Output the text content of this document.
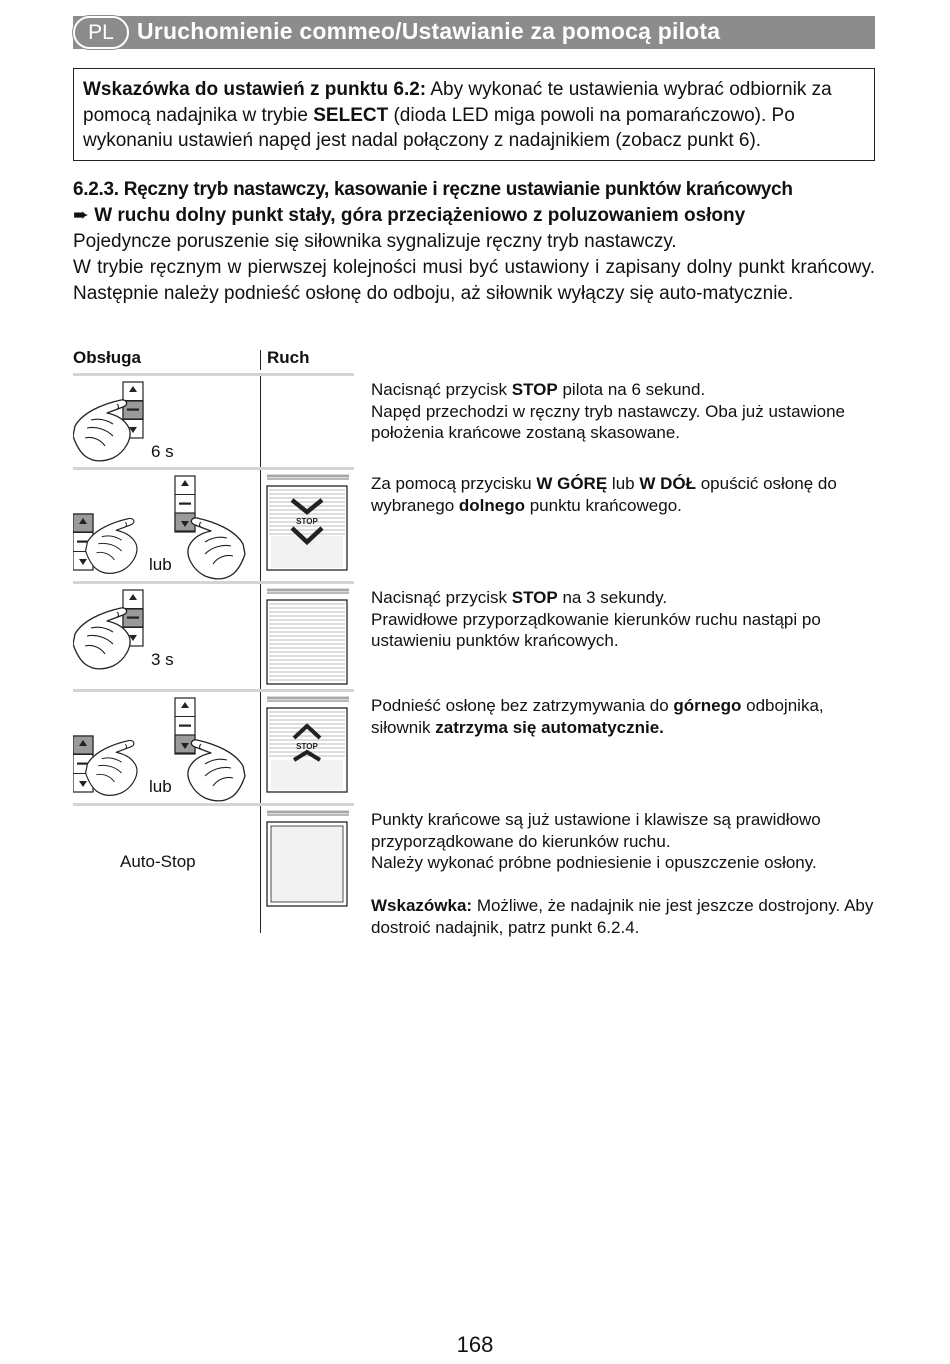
PL	Uruchomienie commeo/Ustawianie za pomocą pilota
Wskazówka do ustawień z punktu 6.2: Aby wykonać te ustawienia wybrać odbiornik za pomocą nadajnika w trybie SELECT (dioda LED miga powoli na pomarańczowo). Po wykonaniu ustawień napęd jest nadal połączony z nadajnikiem (zobacz punkt 6).
6.2.3. Ręczny tryb nastawczy, kasowanie i ręczne ustawianie punktów krańcowych
➨ W ruchu dolny punkt stały, góra przeciążeniowo z poluzowaniem osłony

Pojedyncze poruszenie się siłownika sygnalizuje ręczny tryb nastawczy.

W trybie ręcznym w pierwszej kolejności musi być ustawiony i zapisany dolny punkt krańcowy. Następnie należy podnieść osłonę do odboju, aż siłownik wyłączy się auto-matycznie.

Obsługa	Ruch
6 s
Nacisnąć przycisk STOP pilota na 6 sekund.
Napęd przechodzi w ręczny tryb nastawczy. Oba już ustawione położenia krańcowe zostaną skasowane.
lub
STOP
Za pomocą przycisku W GÓRĘ lub W DÓŁ opuścić osłonę do wybranego dolnego punktu krańcowego.
3 s
Nacisnąć przycisk STOP na 3 sekundy.
Prawidłowe przyporządkowanie kierunków ruchu nastąpi po ustawieniu punktów krańcowych.
lub
STOP
Podnieść osłonę bez zatrzymywania do górnego odbojnika, siłownik zatrzyma się automatycznie.
Auto-Stop
Punkty krańcowe są już ustawione i klawisze są prawidłowo przyporządkowane do kierunków ruchu.
Należy wykonać próbne podniesienie i opuszczenie osłony.

Wskazówka: Możliwe, że nadajnik nie jest jeszcze dostrojony. Aby dostroić nadajnik, patrz punkt 6.2.4.
168
